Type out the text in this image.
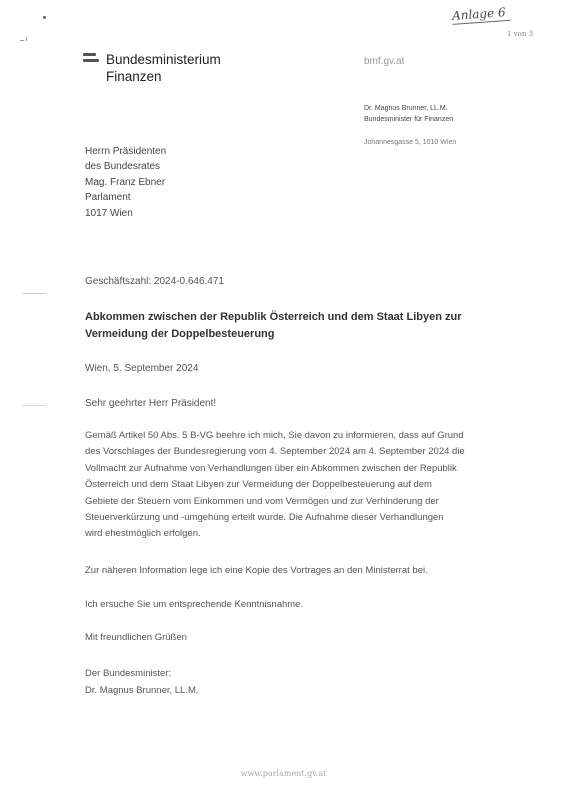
Anlage 6
1 von 3
Bundesministerium
Finanzen
bmf.gv.at
Dr. Magnus Brunner, LL.M.
Bundesminister für Finanzen
Johannesgasse 5, 1010 Wien
Herrn Präsidenten
des Bundesrates
Mag. Franz Ebner
Parlament
1017 Wien
Geschäftszahl: 2024-0.646.471
Abkommen zwischen der Republik Österreich und dem Staat Libyen zur
Vermeidung der Doppelbesteuerung
Wien, 5. September 2024
Sehr geehrter Herr Präsident!
Gemäß Artikel 50 Abs. 5 B-VG beehre ich mich, Sie davon zu informieren, dass auf Grund
des Vorschlages der Bundesregierung vom 4. September 2024 am 4. September 2024 die
Vollmacht zur Aufnahme von Verhandlungen über ein Abkommen zwischen der Republik
Österreich und dem Staat Libyen zur Vermeidung der Doppelbesteuerung auf dem
Gebiete der Steuern vom Einkommen und vom Vermögen und zur Verhinderung der
Steuerverkürzung und -umgehung erteilt wurde. Die Aufnahme dieser Verhandlungen
wird ehestmöglich erfolgen.
Zur näheren Information lege ich eine Kopie des Vortrages an den Ministerrat bei.
Ich ersuche Sie um entsprechende Kenntnisnahme.
Mit freundlichen Grüßen
Der Bundesminister:
Dr. Magnus Brunner, LL.M.
www.parlament.gv.at
